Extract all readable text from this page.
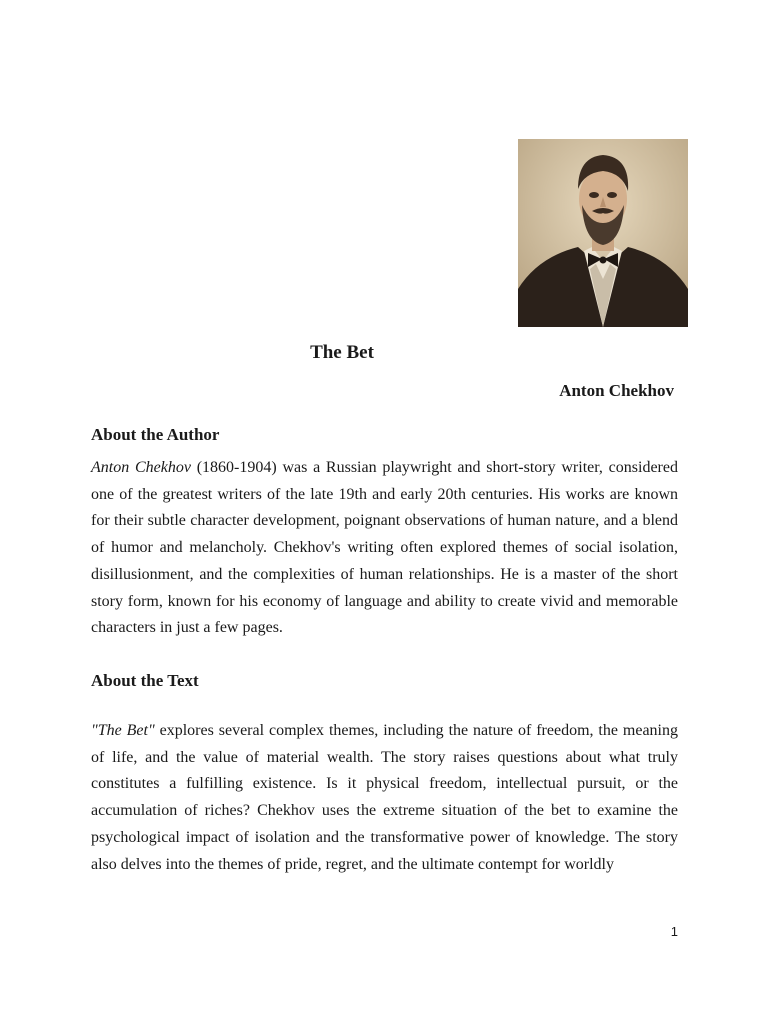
The Bet

Anton Chekhov

About the Author

Anton Chekhov (1860-1904) was a Russian playwright and short-story writer, considered one of the greatest writers of the late 19th and early 20th centuries. His works are known for their subtle character development, poignant observations of human nature, and a blend of humor and melancholy. Chekhov's writing often explored themes of social isolation, disillusionment, and the complexities of human relationships. He is a master of the short story form, known for his economy of language and ability to create vivid and memorable characters in just a few pages.

About the Text

"The Bet" explores several complex themes, including the nature of freedom, the meaning of life, and the value of material wealth. The story raises questions about what truly constitutes a fulfilling existence. Is it physical freedom, intellectual pursuit, or the accumulation of riches? Chekhov uses the extreme situation of the bet to examine the psychological impact of isolation and the transformative power of knowledge. The story also delves into the themes of pride, regret, and the ultimate contempt for worldly

1
